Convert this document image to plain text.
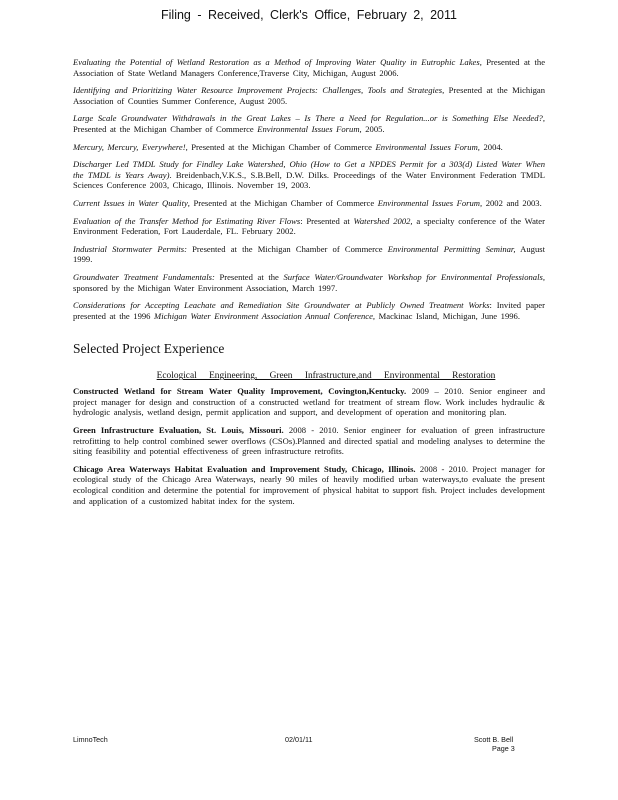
Filing - Received, Clerk's Office, February 2, 2011

Evaluating the Potential of Wetland Restoration as a Method of Improving Water Quality in Eutrophic Lakes, Presented at the Association of State Wetland Managers Conference,Traverse City, Michigan, August 2006.

Identifying and Prioritizing Water Resource Improvement Projects: Challenges, Tools and Strategies, Presented at the Michigan Association of Counties Summer Conference, August 2005.

Large Scale Groundwater Withdrawals in the Great Lakes – Is There a Need for Regulation...or is Something Else Needed?, Presented at the Michigan Chamber of Commerce Environmental Issues Forum, 2005.

Mercury, Mercury, Everywhere!, Presented at the Michigan Chamber of Commerce Environmental Issues Forum, 2004.

Discharger Led TMDL Study for Findley Lake Watershed, Ohio (How to Get a NPDES Permit for a 303(d) Listed Water When the TMDL is Years Away). Breidenbach,V.K.S., S.B.Bell, D.W. Dilks. Proceedings of the Water Environment Federation TMDL Sciences Conference 2003, Chicago, Illinois. November 19, 2003.

Current Issues in Water Quality, Presented at the Michigan Chamber of Commerce Environmental Issues Forum, 2002 and 2003.

Evaluation of the Transfer Method for Estimating River Flows: Presented at Watershed 2002, a specialty conference of the Water Environment Federation, Fort Lauderdale, FL. February 2002.

Industrial Stormwater Permits: Presented at the Michigan Chamber of Commerce Environmental Permitting Seminar, August 1999.

Groundwater Treatment Fundamentals: Presented at the Surface Water/Groundwater Workshop for Environmental Professionals, sponsored by the Michigan Water Environment Association, March 1997.

Considerations for Accepting Leachate and Remediation Site Groundwater at Publicly Owned Treatment Works: Invited paper presented at the 1996 Michigan Water Environment Association Annual Conference, Mackinac Island, Michigan, June 1996.

Selected Project Experience
Ecological Engineering, Green Infrastructure,and Environmental Restoration

Constructed Wetland for Stream Water Quality Improvement, Covington,Kentucky. 2009 – 2010. Senior engineer and project manager for design and construction of a constructed wetland for treatment of stream flow. Work includes hydraulic & hydrologic analysis, wetland design, permit application and support, and development of operation and monitoring plan.

Green Infrastructure Evaluation, St. Louis, Missouri. 2008 - 2010. Senior engineer for evaluation of green infrastructure retrofitting to help control combined sewer overflows (CSOs).Planned and directed spatial and modeling analyses to determine the siting feasibility and potential effectiveness of green infrastructure retrofits.

Chicago Area Waterways Habitat Evaluation and Improvement Study, Chicago, Illinois. 2008 - 2010. Project manager for ecological study of the Chicago Area Waterways, nearly 90 miles of heavily modified urban waterways,to evaluate the present ecological condition and determine the potential for improvement of physical habitat to support fish. Project includes development and application of a customized habitat index for the system.

LimnoTech	02/01/11	Scott B. Bell
Page 3
